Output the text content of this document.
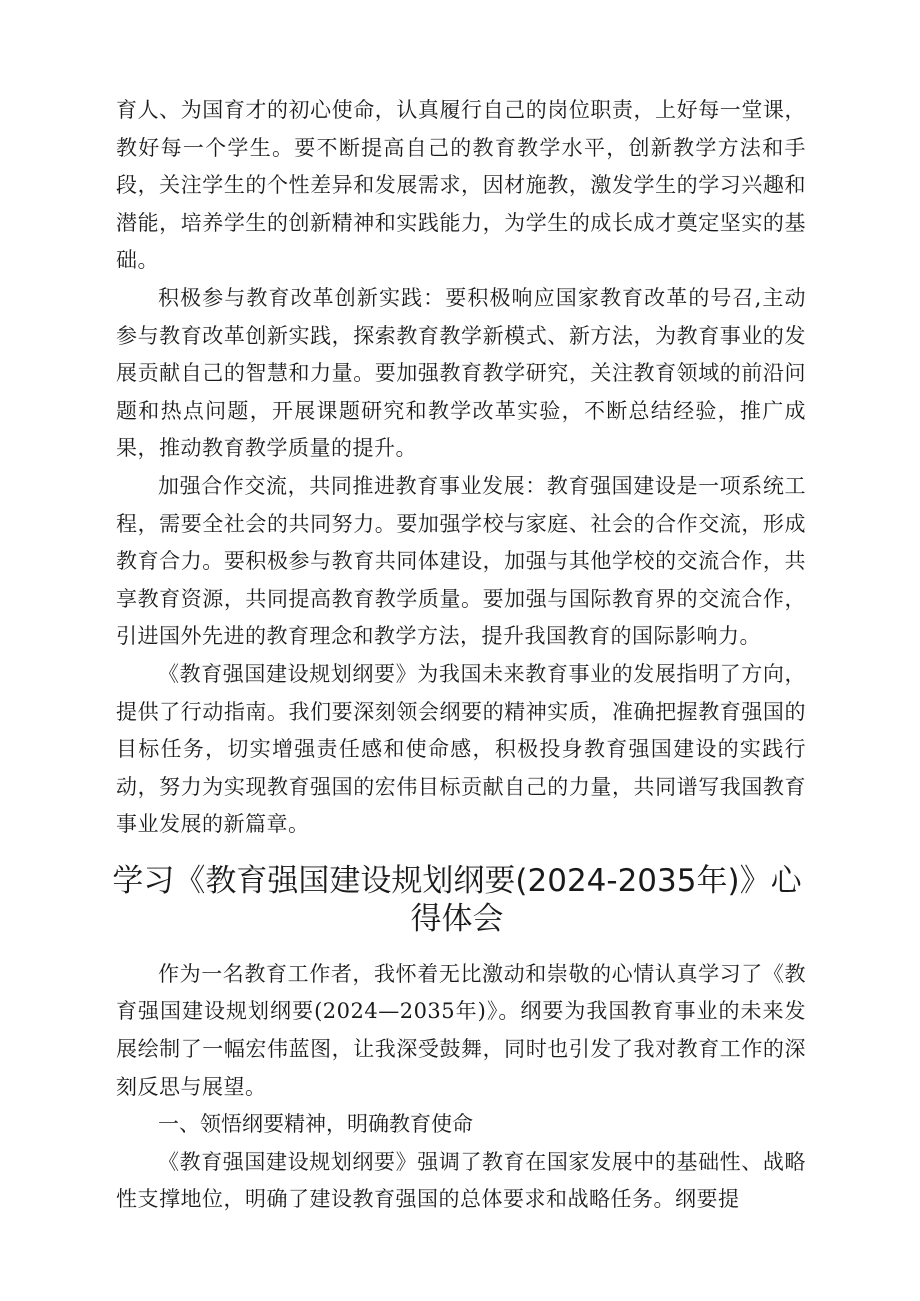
育人、为国育才的初心使命，认真履行自己的岗位职责，上好每一堂课，教好每一个学生。要不断提高自己的教育教学水平，创新教学方法和手段，关注学生的个性差异和发展需求，因材施教，激发学生的学习兴趣和潜能，培养学生的创新精神和实践能力，为学生的成长成才奠定坚实的基础。

积极参与教育改革创新实践：要积极响应国家教育改革的号召,主动参与教育改革创新实践，探索教育教学新模式、新方法，为教育事业的发展贡献自己的智慧和力量。要加强教育教学研究，关注教育领域的前沿问题和热点问题，开展课题研究和教学改革实验，不断总结经验，推广成果，推动教育教学质量的提升。

加强合作交流，共同推进教育事业发展：教育强国建设是一项系统工程，需要全社会的共同努力。要加强学校与家庭、社会的合作交流，形成教育合力。要积极参与教育共同体建设，加强与其他学校的交流合作，共享教育资源，共同提高教育教学质量。要加强与国际教育界的交流合作，引进国外先进的教育理念和教学方法，提升我国教育的国际影响力。

《教育强国建设规划纲要》为我国未来教育事业的发展指明了方向，提供了行动指南。我们要深刻领会纲要的精神实质，准确把握教育强国的目标任务，切实增强责任感和使命感，积极投身教育强国建设的实践行动，努力为实现教育强国的宏伟目标贡献自己的力量，共同谱写我国教育事业发展的新篇章。

学习《教育强国建设规划纲要(2024-2035年)》心得体会

作为一名教育工作者，我怀着无比激动和崇敬的心情认真学习了《教育强国建设规划纲要(2024—2035年)》。纲要为我国教育事业的未来发展绘制了一幅宏伟蓝图，让我深受鼓舞，同时也引发了我对教育工作的深刻反思与展望。

一、领悟纲要精神，明确教育使命

《教育强国建设规划纲要》强调了教育在国家发展中的基础性、战略性支撑地位，明确了建设教育强国的总体要求和战略任务。纲要提
